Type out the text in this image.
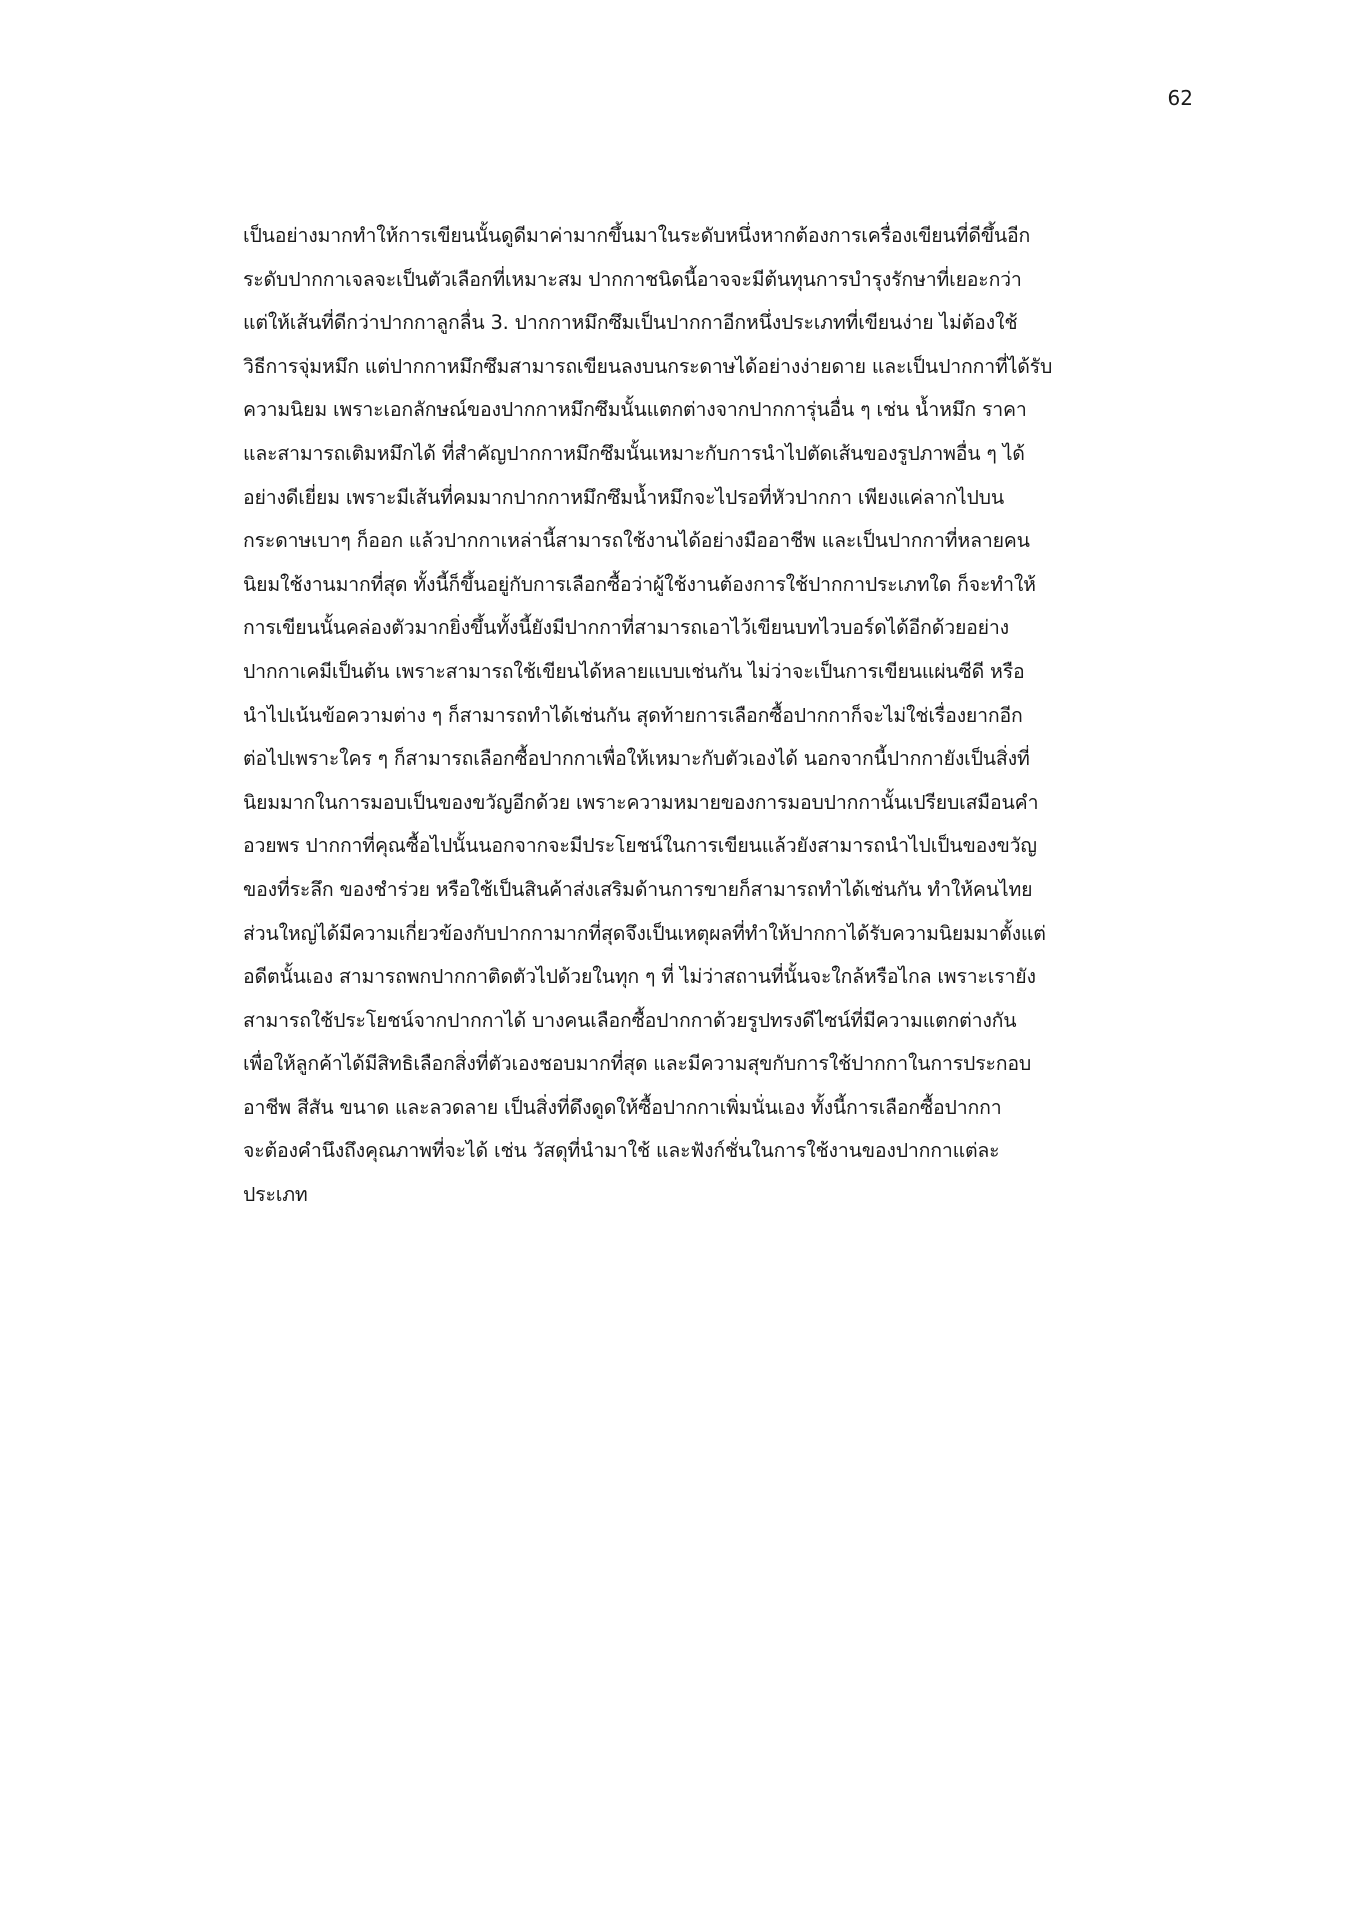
62
เป็นอย่างมากทำให้การเขียนนั้นดูดีมาค่ามากขึ้นมาในระดับหนึ่งหากต้องการเครื่องเขียนที่ดีขึ้นอีก
ระดับปากกาเจลจะเป็นตัวเลือกที่เหมาะสม ปากกาชนิดนี้อาจจะมีต้นทุนการบำรุงรักษาที่เยอะกว่า
แต่ให้เส้นที่ดีกว่าปากกาลูกลื่น 3. ปากกาหมึกซึมเป็นปากกาอีกหนึ่งประเภทที่เขียนง่าย ไม่ต้องใช้
วิธีการจุ่มหมึก แต่ปากกาหมึกซึมสามารถเขียนลงบนกระดาษได้อย่างง่ายดาย และเป็นปากกาที่ได้รับ
ความนิยม เพราะเอกลักษณ์ของปากกาหมึกซึมนั้นแตกต่างจากปากการุ่นอื่น ๆ เช่น น้ำหมึก ราคา
และสามารถเติมหมึกได้ ที่สำคัญปากกาหมึกซึมนั้นเหมาะกับการนำไปตัดเส้นของรูปภาพอื่น ๆ ได้
อย่างดีเยี่ยม เพราะมีเส้นที่คมมากปากกาหมึกซึมน้ำหมึกจะไปรอที่หัวปากกา เพียงแค่ลากไปบน
กระดาษเบาๆ ก็ออก แล้วปากกาเหล่านี้สามารถใช้งานได้อย่างมืออาชีพ และเป็นปากกาที่หลายคน
นิยมใช้งานมากที่สุด ทั้งนี้ก็ขึ้นอยู่กับการเลือกซื้อว่าผู้ใช้งานต้องการใช้ปากกาประเภทใด ก็จะทำให้
การเขียนนั้นคล่องตัวมากยิ่งขึ้นทั้งนี้ยังมีปากกาที่สามารถเอาไว้เขียนบทไวบอร์ดได้อีกด้วยอย่าง
ปากกาเคมีเป็นต้น เพราะสามารถใช้เขียนได้หลายแบบเช่นกัน ไม่ว่าจะเป็นการเขียนแผ่นซีดี หรือ
นำไปเน้นข้อความต่าง ๆ ก็สามารถทำได้เช่นกัน สุดท้ายการเลือกซื้อปากกาก็จะไม่ใช่เรื่องยากอีก
ต่อไปเพราะใคร ๆ ก็สามารถเลือกซื้อปากกาเพื่อให้เหมาะกับตัวเองได้ นอกจากนี้ปากกายังเป็นสิ่งที่
นิยมมากในการมอบเป็นของขวัญอีกด้วย เพราะความหมายของการมอบปากกานั้นเปรียบเสมือนคำ
อวยพร ปากกาที่คุณซื้อไปนั้นนอกจากจะมีประโยชน์ในการเขียนแล้วยังสามารถนำไปเป็นของขวัญ
ของที่ระลึก ของชำร่วย หรือใช้เป็นสินค้าส่งเสริมด้านการขายก็สามารถทำได้เช่นกัน ทำให้คนไทย
ส่วนใหญ่ได้มีความเกี่ยวข้องกับปากกามากที่สุดจึงเป็นเหตุผลที่ทำให้ปากกาได้รับความนิยมมาตั้งแต่
อดีตนั้นเอง สามารถพกปากกาติดตัวไปด้วยในทุก ๆ ที่ ไม่ว่าสถานที่นั้นจะใกล้หรือไกล เพราะเรายัง
สามารถใช้ประโยชน์จากปากกาได้ บางคนเลือกซื้อปากกาด้วยรูปทรงดีไซน์ที่มีความแตกต่างกัน
เพื่อให้ลูกค้าได้มีสิทธิเลือกสิ่งที่ตัวเองชอบมากที่สุด และมีความสุขกับการใช้ปากกาในการประกอบ
อาชีพ สีสัน ขนาด และลวดลาย เป็นสิ่งที่ดึงดูดให้ซื้อปากกาเพิ่มนั่นเอง ทั้งนี้การเลือกซื้อปากกา
จะต้องคำนึงถึงคุณภาพที่จะได้ เช่น วัสดุที่นำมาใช้ และฟังก์ชั่นในการใช้งานของปากกาแต่ละ
ประเภท
